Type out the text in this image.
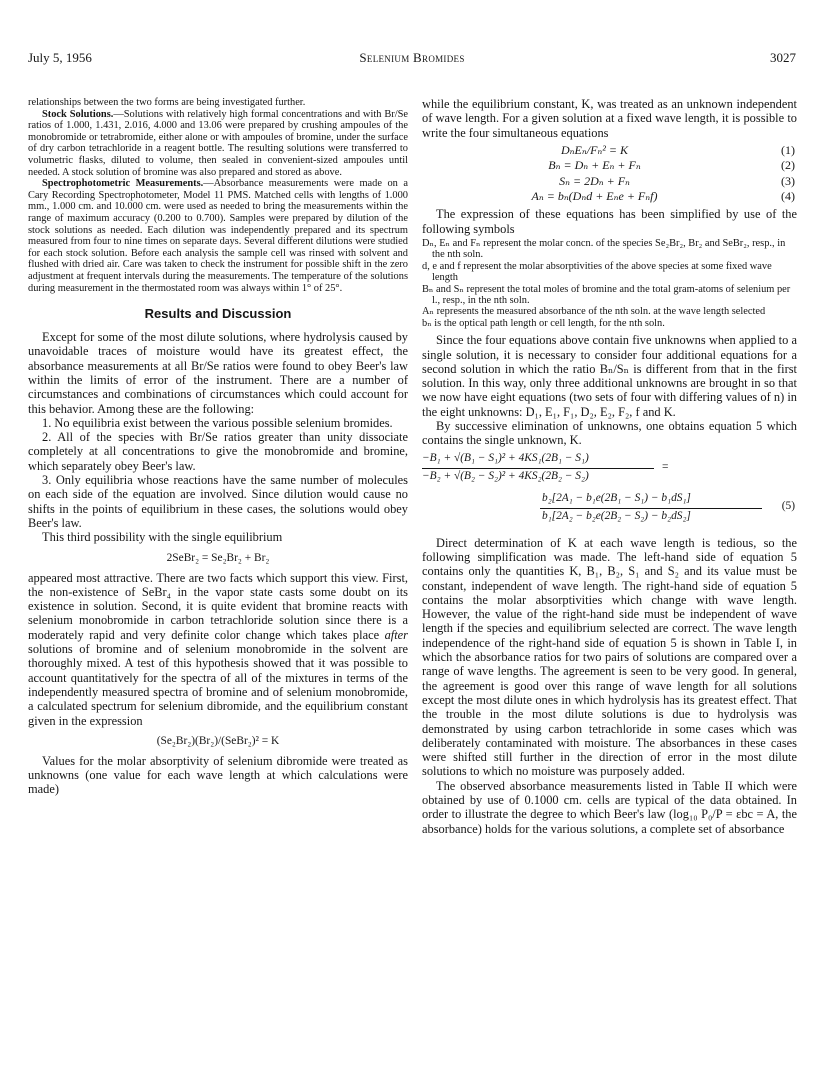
July 5, 1956	Selenium Bromides	3027

relationships between the two forms are being investigated further.

Stock Solutions.—Solutions with relatively high formal concentrations and with Br/Se ratios of 1.000, 1.431, 2.016, 4.000 and 13.06 were prepared by crushing ampoules of the monobromide or tetrabromide, either alone or with ampoules of bromine, under the surface of dry carbon tetrachloride in a reagent bottle. The resulting solutions were transferred to volumetric flasks, diluted to volume, then sealed in convenient-sized ampoules until needed. A stock solution of bromine was also prepared and stored as above.

Spectrophotometric Measurements.—Absorbance measurements were made on a Cary Recording Spectrophotometer, Model 11 PMS. Matched cells with lengths of 1.000 mm., 1.000 cm. and 10.000 cm. were used as needed to bring the measurements within the range of maximum accuracy (0.200 to 0.700). Samples were prepared by dilution of the stock solutions as needed. Each dilution was independently prepared and its spectrum measured from four to nine times on separate days. Several different dilutions were studied for each stock solution. Before each analysis the sample cell was rinsed with solvent and flushed with dried air. Care was taken to check the instrument for possible shift in the zero adjustment at frequent intervals during the measurements. The temperature of the solutions during measurement in the thermostated room was always within 1° of 25°.

Results and Discussion

Except for some of the most dilute solutions, where hydrolysis caused by unavoidable traces of moisture would have its greatest effect, the absorbance measurements at all Br/Se ratios were found to obey Beer's law within the limits of error of the instrument. There are a number of circumstances and combinations of circumstances which could account for this behavior. Among these are the following:

1. No equilibria exist between the various possible selenium bromides.

2. All of the species with Br/Se ratios greater than unity dissociate completely at all concentrations to give the monobromide and bromine, which separately obey Beer's law.

3. Only equilibria whose reactions have the same number of molecules on each side of the equation are involved. Since dilution would cause no shifts in the points of equilibrium in these cases, the solutions would obey Beer's law.

This third possibility with the single equilibrium

2SeBr₂ = Se₂Br₂ + Br₂

appeared most attractive. There are two facts which support this view. First, the non-existence of SeBr₄ in the vapor state casts some doubt on its existence in solution. Second, it is quite evident that bromine reacts with selenium monobromide in carbon tetrachloride solution since there is a moderately rapid and very definite color change which takes place after solutions of bromine and of selenium monobromide in the solvent are thoroughly mixed. A test of this hypothesis showed that it was possible to account quantitatively for the spectra of all of the mixtures in terms of the independently measured spectra of bromine and of selenium monobromide, a calculated spectrum for selenium dibromide, and the equilibrium constant given in the expression

(Se₂Br₂)(Br₂)/(SeBr₂)² = K

Values for the molar absorptivity of selenium dibromide were treated as unknowns (one value for each wave length at which calculations were made)

while the equilibrium constant, K, was treated as an unknown independent of wave length. For a given solution at a fixed wave length, it is possible to write the four simultaneous equations

DₙEₙ/Fₙ² = K	(1)
Bₙ = Dₙ + Eₙ + Fₙ	(2)
Sₙ = 2Dₙ + Fₙ	(3)
Aₙ = bₙ(Dₙd + Eₙe + Fₙf)	(4)

The expression of these equations has been simplified by use of the following symbols

Dₙ, Eₙ and Fₙ represent the molar concn. of the species Se₂Br₂, Br₂ and SeBr₂, resp., in the nth soln.

d, e and f represent the molar absorptivities of the above species at some fixed wave length

Bₙ and Sₙ represent the total moles of bromine and the total gram-atoms of selenium per l., resp., in the nth soln.

Aₙ represents the measured absorbance of the nth soln. at the wave length selected

bₙ is the optical path length or cell length, for the nth soln.

Since the four equations above contain five unknowns when applied to a single solution, it is necessary to consider four additional equations for a second solution in which the ratio Bₙ/Sₙ is different from that in the first solution. In this way, only three additional unknowns are brought in so that we now have eight equations (two sets of four with differing values of n) in the eight unknowns: D₁, E₁, F₁, D₂, E₂, F₂, f and K.

By successive elimination of unknowns, one obtains equation 5 which contains the single unknown, K.

−B₁ + √(B₁ − S₁)² + 4KS₁(2B₁ − S₁)
−B₂ + √(B₂ − S₂)² + 4KS₂(2B₂ − S₂)
=
b₂[2A₁ − b₁e(2B₁ − S₁) − b₁dS₁]
b₁[2A₂ − b₂e(2B₂ − S₂) − b₂dS₂]
(5)

Direct determination of K at each wave length is tedious, so the following simplification was made. The left-hand side of equation 5 contains only the quantities K, B₁, B₂, S₁ and S₂ and its value must be constant, independent of wave length. The right-hand side of equation 5 contains the molar absorptivities which change with wave length. However, the value of the right-hand side must be independent of wave length if the species and equilibrium selected are correct. The wave length independence of the right-hand side of equation 5 is shown in Table I, in which the absorbance ratios for two pairs of solutions are compared over a range of wave lengths. The agreement is seen to be very good. In general, the agreement is good over this range of wave length for all solutions except the most dilute ones in which hydrolysis has its greatest effect. That the trouble in the most dilute solutions is due to hydrolysis was demonstrated by using carbon tetrachloride in some cases which was deliberately contaminated with moisture. The absorbances in these cases were shifted still further in the direction of error in the most dilute solutions to which no moisture was purposely added.

The observed absorbance measurements listed in Table II which were obtained by use of 0.1000 cm. cells are typical of the data obtained. In order to illustrate the degree to which Beer's law (log₁₀ P₀/P = εbc = A, the absorbance) holds for the various solutions, a complete set of absorbance
